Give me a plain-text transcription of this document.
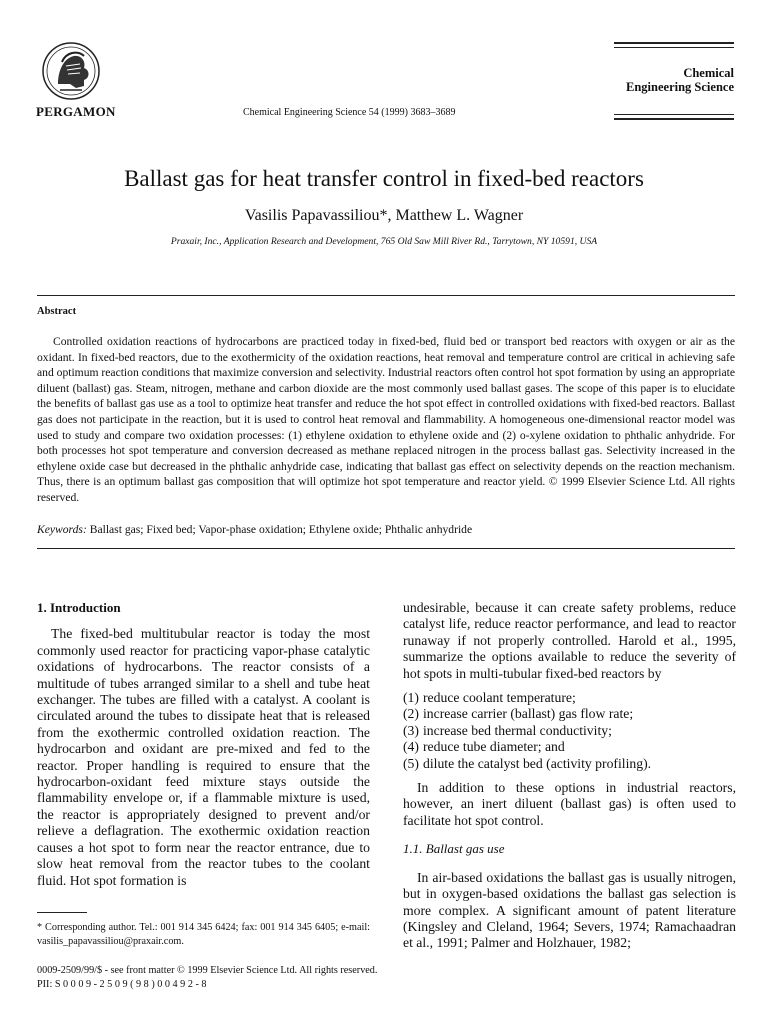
PERGAMON	Chemical Engineering Science 54 (1999) 3683–3689
Chemical
Engineering Science
Ballast gas for heat transfer control in fixed-bed reactors
Vasilis Papavassiliou*, Matthew L. Wagner
Praxair, Inc., Application Research and Development, 765 Old Saw Mill River Rd., Tarrytown, NY 10591, USA
Abstract
Controlled oxidation reactions of hydrocarbons are practiced today in fixed-bed, fluid bed or transport bed reactors with oxygen or air as the oxidant. In fixed-bed reactors, due to the exothermicity of the oxidation reactions, heat removal and temperature control are critical in achieving safe and optimum reaction conditions that maximize conversion and selectivity. Industrial reactors often control hot spot formation by using an appropriate diluent (ballast) gas. Steam, nitrogen, methane and carbon dioxide are the most commonly used ballast gases. The scope of this paper is to elucidate the benefits of ballast gas use as a tool to optimize heat transfer and reduce the hot spot effect in controlled oxidations with fixed-bed reactors. Ballast gas does not participate in the reaction, but it is used to control heat removal and flammability. A homogeneous one-dimensional reactor model was used to study and compare two oxidation processes: (1) ethylene oxidation to ethylene oxide and (2) o-xylene oxidation to phthalic anhydride. For both processes hot spot temperature and conversion decreased as methane replaced nitrogen in the process ballast gas. Selectivity increased in the ethylene oxide case but decreased in the phthalic anhydride case, indicating that ballast gas effect on selectivity depends on the reaction mechanism. Thus, there is an optimum ballast gas composition that will optimize hot spot temperature and reactor yield. © 1999 Elsevier Science Ltd. All rights reserved.
Keywords: Ballast gas; Fixed bed; Vapor-phase oxidation; Ethylene oxide; Phthalic anhydride
1. Introduction

The fixed-bed multitubular reactor is today the most commonly used reactor for practicing vapor-phase catalytic oxidations of hydrocarbons. The reactor consists of a multitude of tubes arranged similar to a shell and tube heat exchanger. The tubes are filled with a catalyst. A coolant is circulated around the tubes to dissipate heat that is released from the exothermic controlled oxidation reaction. The hydrocarbon and oxidant are pre-mixed and fed to the reactor. Proper handling is required to ensure that the hydrocarbon-oxidant feed mixture stays outside the flammability envelope or, if a flammable mixture is used, the reactor is appropriately designed to prevent and/or relieve a deflagration. The exothermic oxidation reaction causes a hot spot to form near the reactor entrance, due to slow heat removal from the reactor tubes to the coolant fluid. Hot spot formation is

undesirable, because it can create safety problems, reduce catalyst life, reduce reactor performance, and lead to reactor runaway if not properly controlled. Harold et al., 1995, summarize the options available to reduce the severity of hot spots in multi-tubular fixed-bed reactors by

(1) reduce coolant temperature;
(2) increase carrier (ballast) gas flow rate;
(3) increase bed thermal conductivity;
(4) reduce tube diameter; and
(5) dilute the catalyst bed (activity profiling).

In addition to these options in industrial reactors, however, an inert diluent (ballast gas) is often used to facilitate hot spot control.

1.1. Ballast gas use

In air-based oxidations the ballast gas is usually nitrogen, but in oxygen-based oxidations the ballast gas selection is more complex. A significant amount of patent literature (Kingsley and Cleland, 1964; Severs, 1974; Ramachaadran et al., 1991; Palmer and Holzhauer, 1982;

* Corresponding author. Tel.: 001 914 345 6424; fax: 001 914 345 6405; e-mail: vasilis_papavassiliou@praxair.com.
0009-2509/99/$ - see front matter © 1999 Elsevier Science Ltd. All rights reserved.
PII: S 0 0 0 9 - 2 5 0 9 ( 9 8 ) 0 0 4 9 2 - 8
